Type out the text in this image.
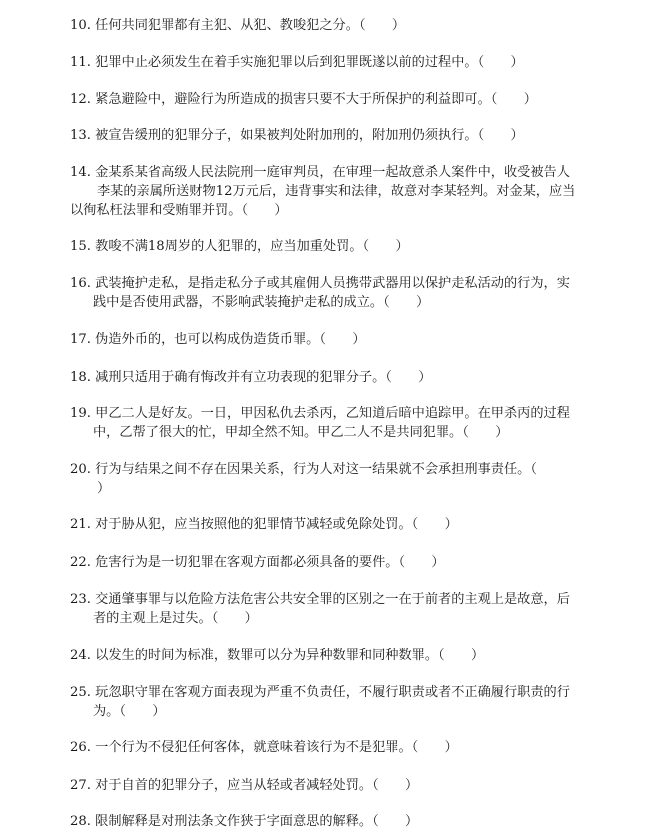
10. 任何共同犯罪都有主犯、从犯、教唆犯之分。（　　）
11. 犯罪中止必须发生在着手实施犯罪以后到犯罪既遂以前的过程中。（　　）
12. 紧急避险中，避险行为所造成的损害只要不大于所保护的利益即可。（　　）
13. 被宣告缓刑的犯罪分子，如果被判处附加刑的，附加刑仍须执行。（　　）
14. 金某系某省高级人民法院刑一庭审判员，在审理一起故意杀人案件中，收受被告人
李某的亲属所送财物12万元后，违背事实和法律，故意对李某轻判。对金某，应当
以徇私枉法罪和受贿罪并罚。（　　）
15. 教唆不满18周岁的人犯罪的，应当加重处罚。（　　）
16. 武装掩护走私，是指走私分子或其雇佣人员携带武器用以保护走私活动的行为，实
践中是否使用武器，不影响武装掩护走私的成立。（　　）
17. 伪造外币的，也可以构成伪造货币罪。（　　）
18. 减刑只适用于确有悔改并有立功表现的犯罪分子。（　　）
19. 甲乙二人是好友。一日，甲因私仇去杀丙，乙知道后暗中追踪甲。在甲杀丙的过程
中，乙帮了很大的忙，甲却全然不知。甲乙二人不是共同犯罪。（　　）
20. 行为与结果之间不存在因果关系，行为人对这一结果就不会承担刑事责任。（
）
21. 对于胁从犯，应当按照他的犯罪情节减轻或免除处罚。（　　）
22. 危害行为是一切犯罪在客观方面都必须具备的要件。（　　）
23. 交通肇事罪与以危险方法危害公共安全罪的区别之一在于前者的主观上是故意，后
者的主观上是过失。（　　）
24. 以发生的时间为标准，数罪可以分为异种数罪和同种数罪。（　　）
25. 玩忽职守罪在客观方面表现为严重不负责任，不履行职责或者不正确履行职责的行
为。（　　）
26. 一个行为不侵犯任何客体，就意味着该行为不是犯罪。（　　）
27. 对于自首的犯罪分子，应当从轻或者减轻处罚。（　　）
28. 限制解释是对刑法条文作狭于字面意思的解释。（　　）
